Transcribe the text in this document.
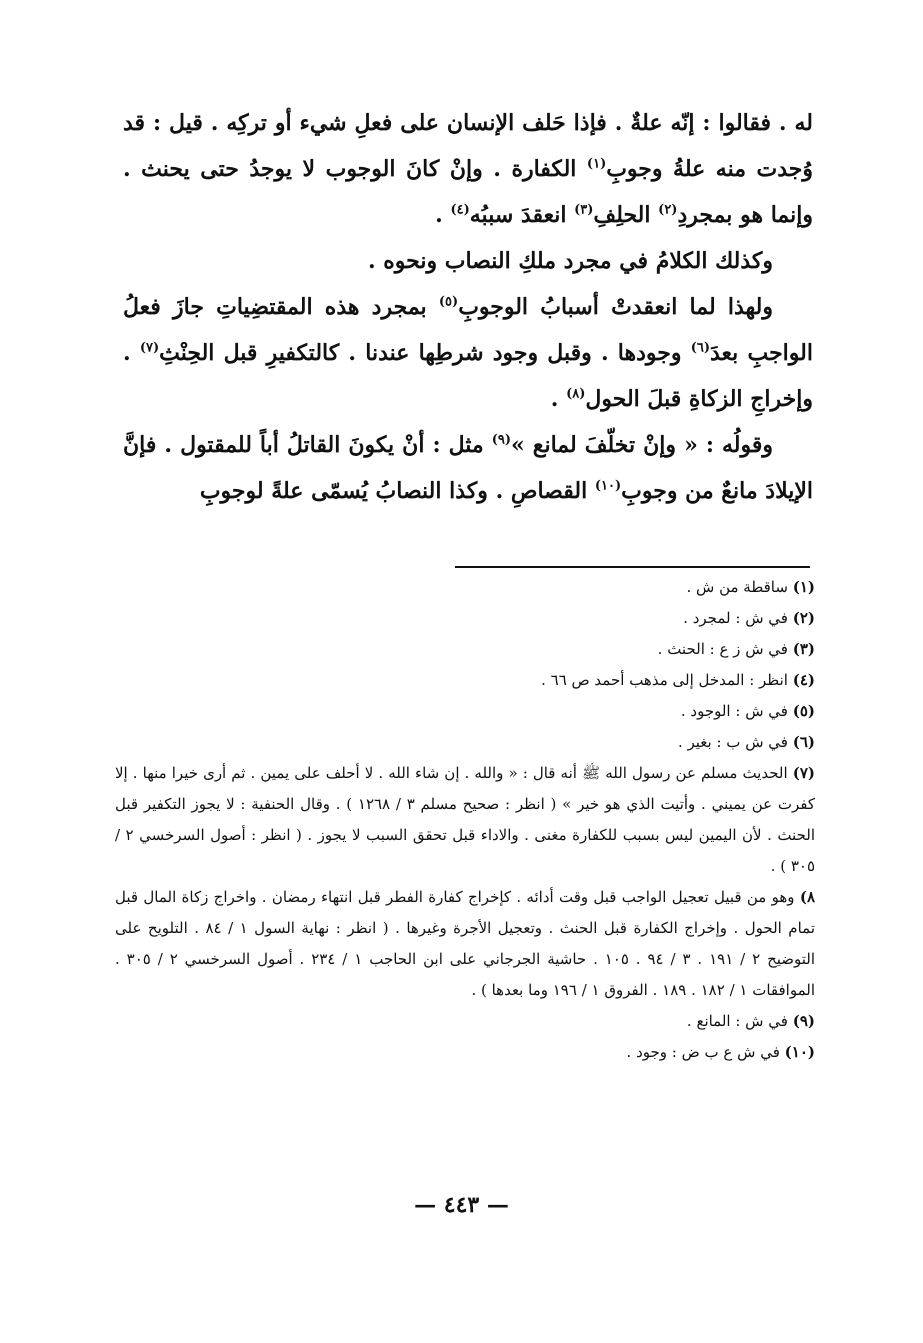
له . فقالوا : إنّه علةٌ . فإذا حَلف الإنسان على فعلِ شيء أو تركِه . قيل : قد وُجدت منه علةُ وجوبِ$^{(١)}$ الكفارة . وإنْ كانَ الوجوب لا يوجدُ حتى يحنث . وإنما هو بمجردِ$^{(٢)}$ الحلِفِ$^{(٣)}$ انعقدَ سببُه$^{(٤)}$ .

وكذلك الكلامُ في مجرد ملكِ النصاب ونحوه .

ولهذا لما انعقدتْ أسبابُ الوجوبِ$^{(٥)}$ بمجرد هذه المقتضِياتِ جازَ فعلُ الواجبِ بعدَ$^{(٦)}$ وجودها . وقبل وجود شرطِها عندنا . كالتكفيرِ قبل الحِنْثِ$^{(٧)}$ . وإخراجِ الزكاةِ قبلَ الحول$^{(٨)}$ .

وقولُه : « وإنْ تخلّفَ لمانع »$^{(٩)}$ مثل : أنْ يكونَ القاتلُ أباً للمقتول . فإنَّ الإيلادَ مانعٌ من وجوبِ$^{(١٠)}$ القصاصِ . وكذا النصابُ يُسمّى علةً لوجوبِ

(١) ساقطة من ش .

(٢) في ش : لمجرد .

(٣) في ش ز ع : الحنث .

(٤) انظر : المدخل إلى مذهب أحمد ص ٦٦ .

(٥) في ش : الوجود .

(٦) في ش ب : بغير .

(٧) الحديث مسلم عن رسول الله ﷺ أنه قال : « والله . إن شاء الله . لا أحلف على يمين . ثم أرى خيرا منها . إلا كفرت عن يميني . وأتيت الذي هو خير » ( انظر : صحيح مسلم ٣ / ١٢٦٨ ) . وقال الحنفية : لا يجوز التكفير قبل الحنث . لأن اليمين ليس بسبب للكفارة مغنى . والاداء قبل تحقق السبب لا يجوز . ( انظر : أصول السرخسي ٢ / ٣٠٥ ) .

٨) وهو من قبيل تعجيل الواجب قبل وقت أدائه . كإخراج كفارة الفطر قبل انتهاء رمضان . واخراج زكاة المال قبل تمام الحول . وإخراج الكفارة قبل الحنث . وتعجيل الأجرة وغيرها . ( انظر : نهاية السول ١ / ٨٤ . التلويح على التوضيح ٢ / ١٩١ . ٣ / ٩٤ . ١٠٥ . حاشية الجرجاني على ابن الحاجب ١ / ٢٣٤ . أصول السرخسي ٢ / ٣٠٥ . الموافقات ١ / ١٨٢ . ١٨٩ . الفروق ١ / ١٩٦ وما بعدها ) .

(٩) في ش : المانع .

(١٠) في ش ع ب ض : وجود .

— ٤٤٣ —
